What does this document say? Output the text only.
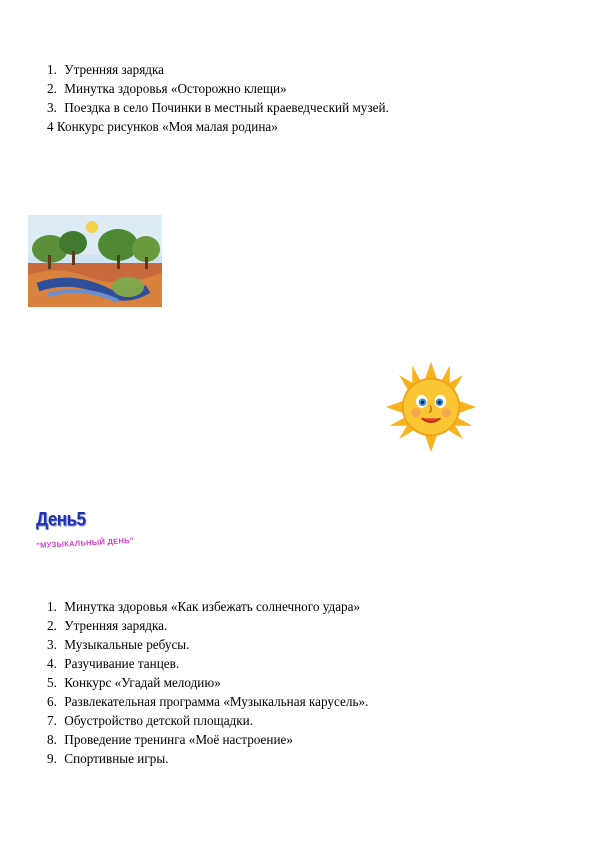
1. Утренняя зарядка
2. Минутка здоровья «Осторожно клещи»
3. Поездка в село Починки в местный краеведческий музей.
4 Конкурс рисунков «Моя малая родина»
День5
"МУЗЫКАЛЬНЫЙ ДЕНЬ"
1. Минутка здоровья «Как избежать солнечного удара»
2. Утренняя зарядка.
3. Музыкальные ребусы.
4. Разучивание танцев.
5. Конкурс «Угадай мелодию»
6. Развлекательная программа «Музыкальная карусель».
7. Обустройство детской площадки.
8. Проведение тренинга «Моё настроение»
9. Спортивные игры.
